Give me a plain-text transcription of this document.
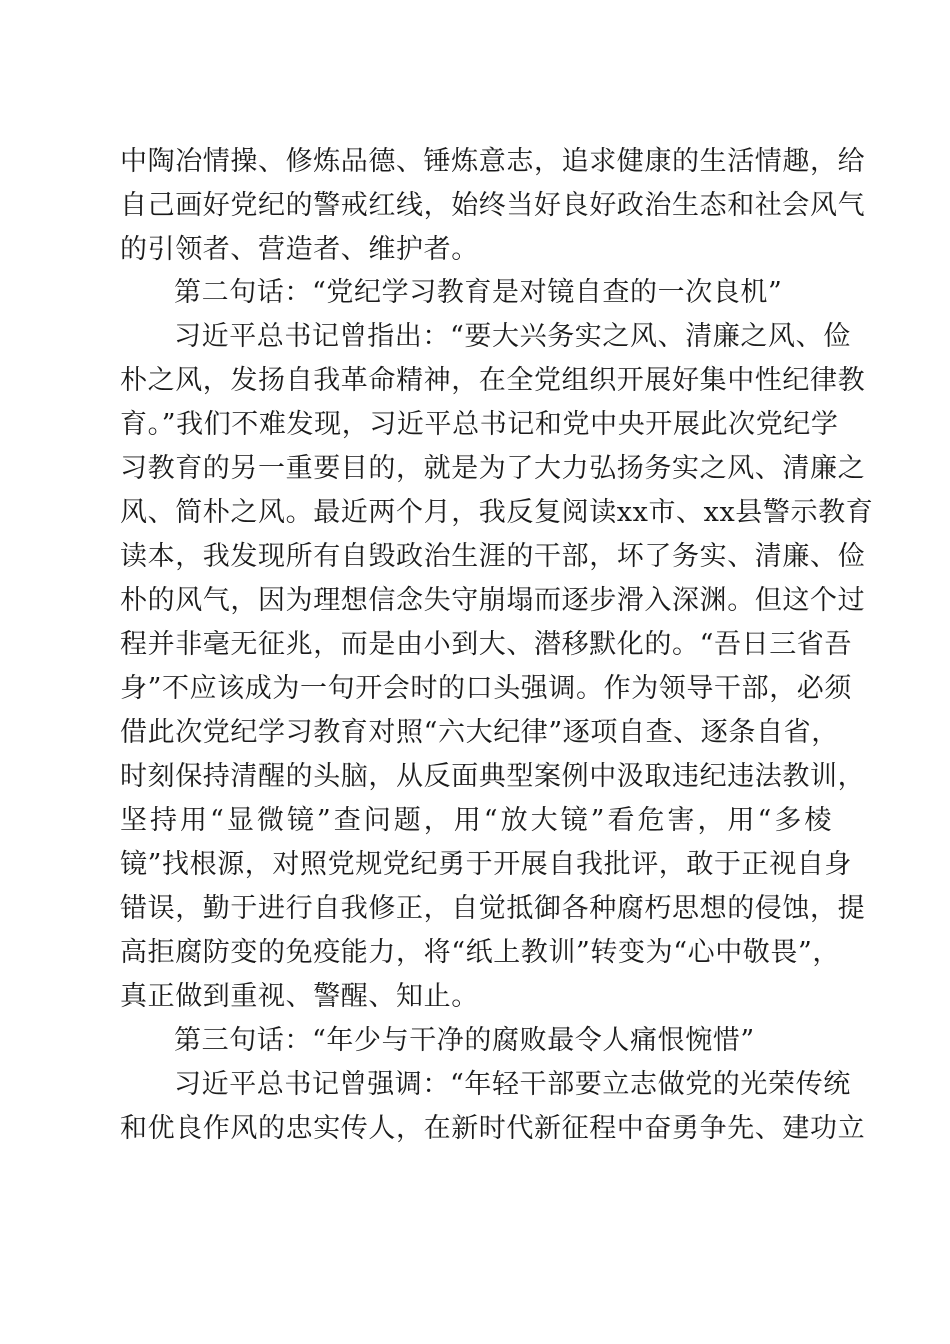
中陶冶情操、修炼品德、锤炼意志，追求健康的生活情趣，给
自己画好党纪的警戒红线，始终当好良好政治生态和社会风气
的引领者、营造者、维护者。
第二句话：“党纪学习教育是对镜自查的一次良机”
习近平总书记曾指出：“要大兴务实之风、清廉之风、俭
朴之风，发扬自我革命精神，在全党组织开展好集中性纪律教
育。”我们不难发现，习近平总书记和党中央开展此次党纪学
习教育的另一重要目的，就是为了大力弘扬务实之风、清廉之
风、简朴之风。最近两个月，我反复阅读xx市、xx县警示教育
读本，我发现所有自毁政治生涯的干部，坏了务实、清廉、俭
朴的风气，因为理想信念失守崩塌而逐步滑入深渊。但这个过
程并非毫无征兆，而是由小到大、潜移默化的。“吾日三省吾
身”不应该成为一句开会时的口头强调。作为领导干部，必须
借此次党纪学习教育对照“六大纪律”逐项自查、逐条自省，
时刻保持清醒的头脑，从反面典型案例中汲取违纪违法教训，
坚持用“显微镜”查问题，用“放大镜”看危害，用“多棱
镜”找根源，对照党规党纪勇于开展自我批评，敢于正视自身
错误，勤于进行自我修正，自觉抵御各种腐朽思想的侵蚀，提
高拒腐防变的免疫能力，将“纸上教训”转变为“心中敬畏”，
真正做到重视、警醒、知止。
第三句话：“年少与干净的腐败最令人痛恨惋惜”
习近平总书记曾强调：“年轻干部要立志做党的光荣传统
和优良作风的忠实传人，在新时代新征程中奋勇争先、建功立
